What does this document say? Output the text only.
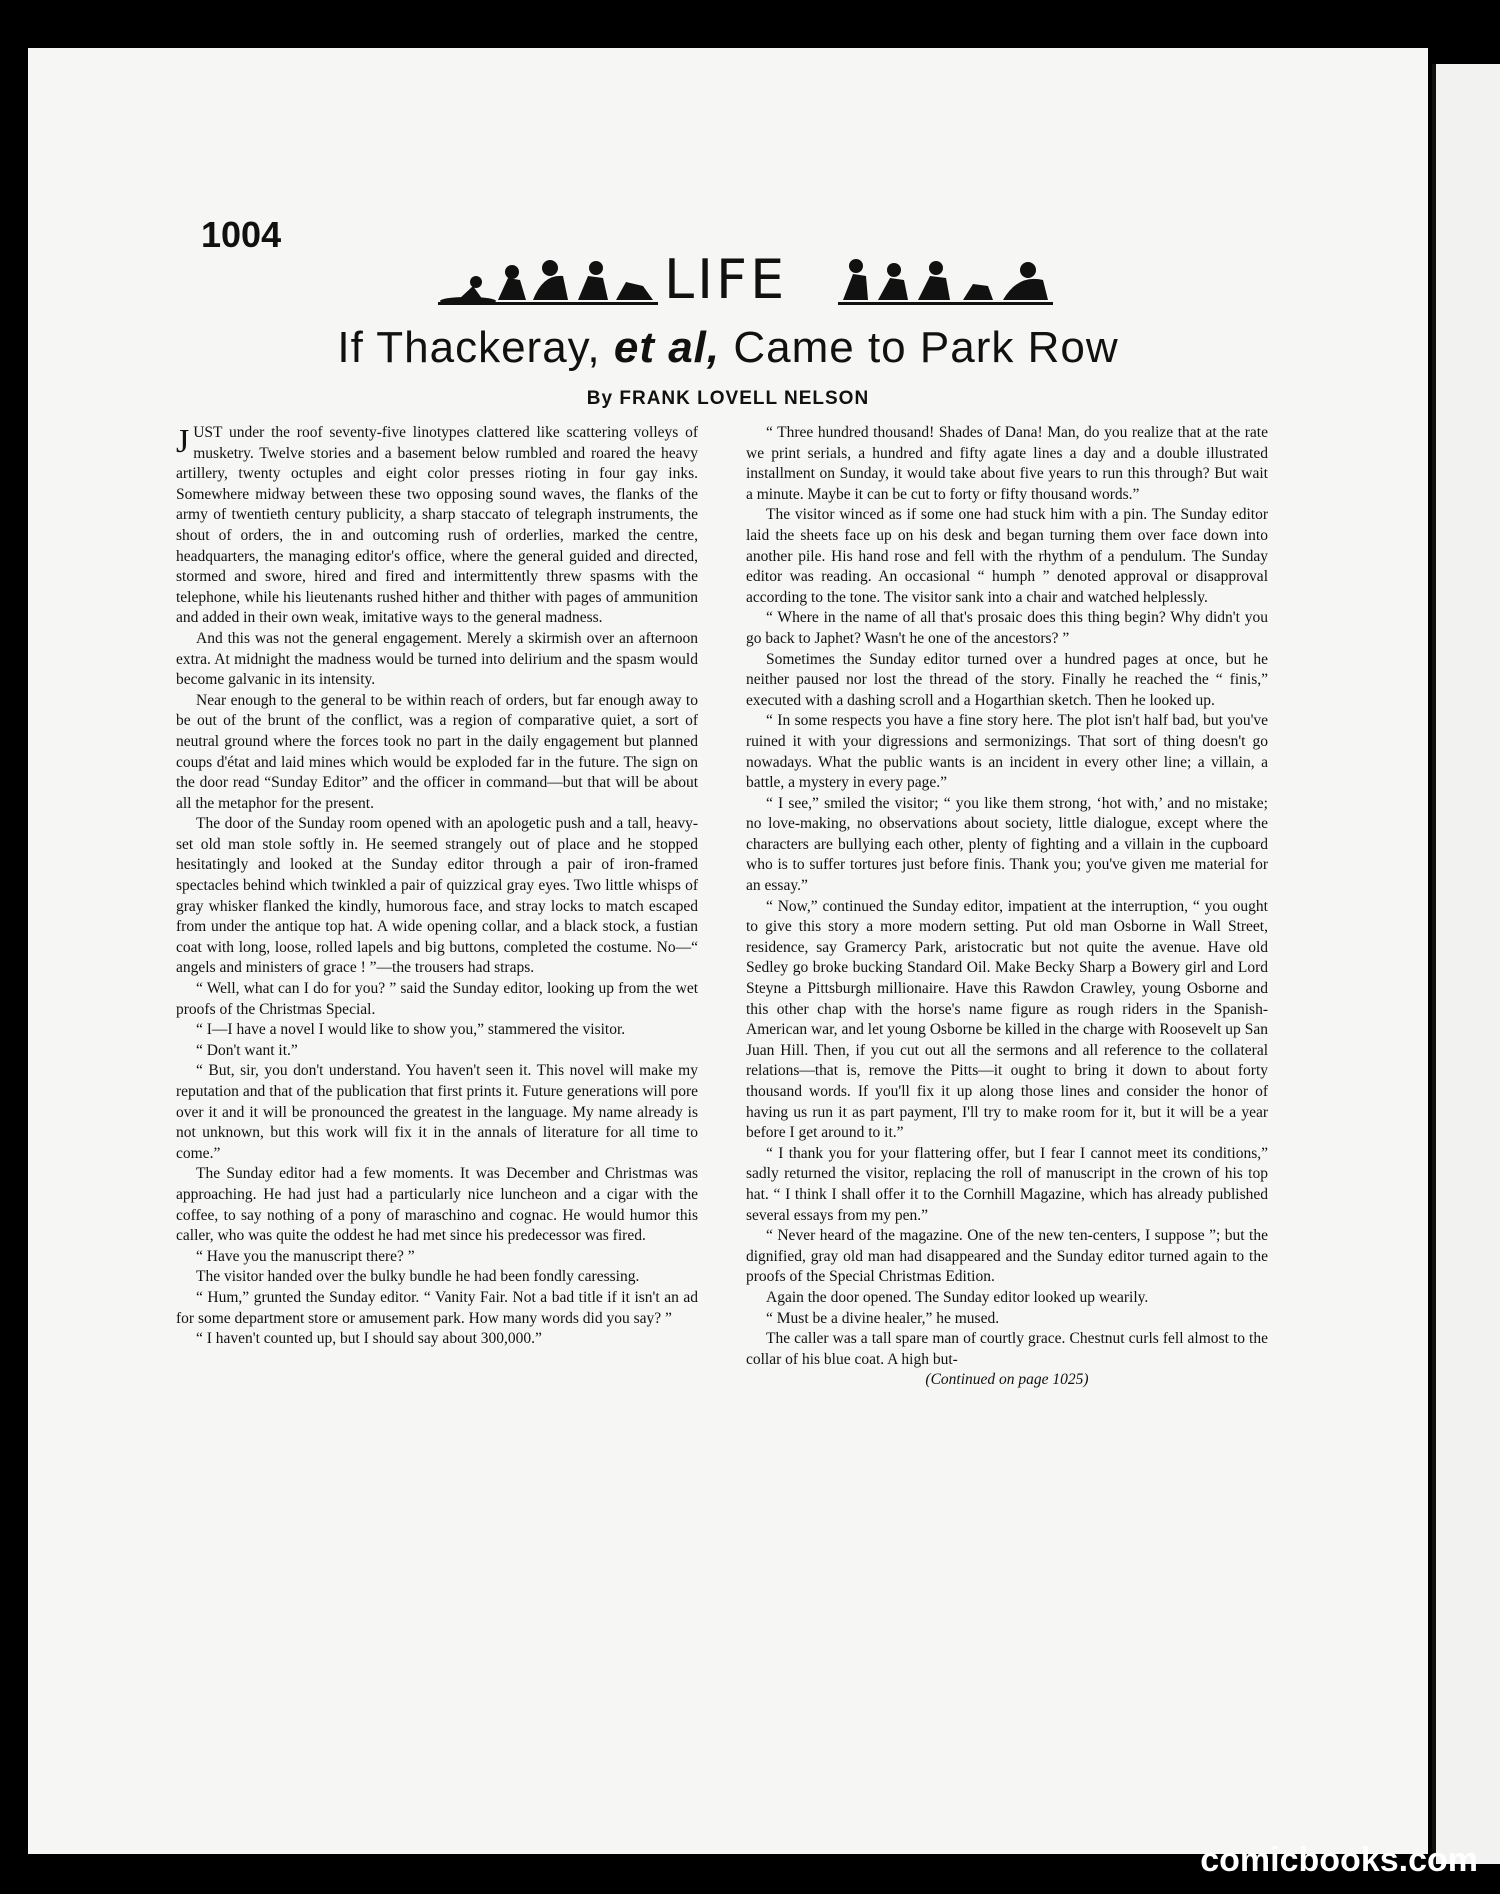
1004
LIFE
If Thackeray, et al, Came to Park Row
By FRANK LOVELL NELSON

JUST under the roof seventy-five linotypes clattered like scattering volleys of musketry. Twelve stories and a basement below rumbled and roared the heavy artillery, twenty octuples and eight color presses rioting in four gay inks. Somewhere midway between these two opposing sound waves, the flanks of the army of twentieth century publicity, a sharp staccato of telegraph instruments, the shout of orders, the in and outcoming rush of orderlies, marked the centre, headquarters, the managing editor's office, where the general guided and directed, stormed and swore, hired and fired and intermittently threw spasms with the telephone, while his lieutenants rushed hither and thither with pages of ammunition and added in their own weak, imitative ways to the general madness.

And this was not the general engagement. Merely a skirmish over an afternoon extra. At midnight the madness would be turned into delirium and the spasm would become galvanic in its intensity.

Near enough to the general to be within reach of orders, but far enough away to be out of the brunt of the conflict, was a region of comparative quiet, a sort of neutral ground where the forces took no part in the daily engagement but planned coups d'état and laid mines which would be exploded far in the future. The sign on the door read “Sunday Editor” and the officer in command—but that will be about all the metaphor for the present.

The door of the Sunday room opened with an apologetic push and a tall, heavy-set old man stole softly in. He seemed strangely out of place and he stopped hesitatingly and looked at the Sunday editor through a pair of iron-framed spectacles behind which twinkled a pair of quizzical gray eyes. Two little whisps of gray whisker flanked the kindly, humorous face, and stray locks to match escaped from under the antique top hat. A wide opening collar, and a black stock, a fustian coat with long, loose, rolled lapels and big buttons, completed the costume. No—“ angels and ministers of grace ! ”—the trousers had straps.

“ Well, what can I do for you? ” said the Sunday editor, looking up from the wet proofs of the Christmas Special.

“ I—I have a novel I would like to show you,” stammered the visitor.

“ Don't want it.”

“ But, sir, you don't understand. You haven't seen it. This novel will make my reputation and that of the publication that first prints it. Future generations will pore over it and it will be pronounced the greatest in the language. My name already is not unknown, but this work will fix it in the annals of literature for all time to come.”

The Sunday editor had a few moments. It was December and Christmas was approaching. He had just had a particularly nice luncheon and a cigar with the coffee, to say nothing of a pony of maraschino and cognac. He would humor this caller, who was quite the oddest he had met since his predecessor was fired.

“ Have you the manuscript there? ”

The visitor handed over the bulky bundle he had been fondly caressing.

“ Hum,” grunted the Sunday editor. “ Vanity Fair. Not a bad title if it isn't an ad for some department store or amusement park. How many words did you say? ”

“ I haven't counted up, but I should say about 300,000.”

“ Three hundred thousand! Shades of Dana! Man, do you realize that at the rate we print serials, a hundred and fifty agate lines a day and a double illustrated installment on Sunday, it would take about five years to run this through? But wait a minute. Maybe it can be cut to forty or fifty thousand words.”

The visitor winced as if some one had stuck him with a pin. The Sunday editor laid the sheets face up on his desk and began turning them over face down into another pile. His hand rose and fell with the rhythm of a pendulum. The Sunday editor was reading. An occasional “ humph ” denoted approval or disapproval according to the tone. The visitor sank into a chair and watched helplessly.

“ Where in the name of all that's prosaic does this thing begin? Why didn't you go back to Japhet? Wasn't he one of the ancestors? ”

Sometimes the Sunday editor turned over a hundred pages at once, but he neither paused nor lost the thread of the story. Finally he reached the “ finis,” executed with a dashing scroll and a Hogarthian sketch. Then he looked up.

“ In some respects you have a fine story here. The plot isn't half bad, but you've ruined it with your digressions and sermonizings. That sort of thing doesn't go nowadays. What the public wants is an incident in every other line; a villain, a battle, a mystery in every page.”

“ I see,” smiled the visitor; “ you like them strong, ‘hot with,’ and no mistake; no love-making, no observations about society, little dialogue, except where the characters are bullying each other, plenty of fighting and a villain in the cupboard who is to suffer tortures just before finis. Thank you; you've given me material for an essay.”

“ Now,” continued the Sunday editor, impatient at the interruption, “ you ought to give this story a more modern setting. Put old man Osborne in Wall Street, residence, say Gramercy Park, aristocratic but not quite the avenue. Have old Sedley go broke bucking Standard Oil. Make Becky Sharp a Bowery girl and Lord Steyne a Pittsburgh millionaire. Have this Rawdon Crawley, young Osborne and this other chap with the horse's name figure as rough riders in the Spanish-American war, and let young Osborne be killed in the charge with Roosevelt up San Juan Hill. Then, if you cut out all the sermons and all reference to the collateral relations—that is, remove the Pitts—it ought to bring it down to about forty thousand words. If you'll fix it up along those lines and consider the honor of having us run it as part payment, I'll try to make room for it, but it will be a year before I get around to it.”

“ I thank you for your flattering offer, but I fear I cannot meet its conditions,” sadly returned the visitor, replacing the roll of manuscript in the crown of his top hat. “ I think I shall offer it to the Cornhill Magazine, which has already published several essays from my pen.”

“ Never heard of the magazine. One of the new ten-centers, I suppose ”; but the dignified, gray old man had disappeared and the Sunday editor turned again to the proofs of the Special Christmas Edition.

Again the door opened. The Sunday editor looked up wearily.

“ Must be a divine healer,” he mused.

The caller was a tall spare man of courtly grace. Chestnut curls fell almost to the collar of his blue coat. A high but-

(Continued on page 1025)

comicbooks.com
